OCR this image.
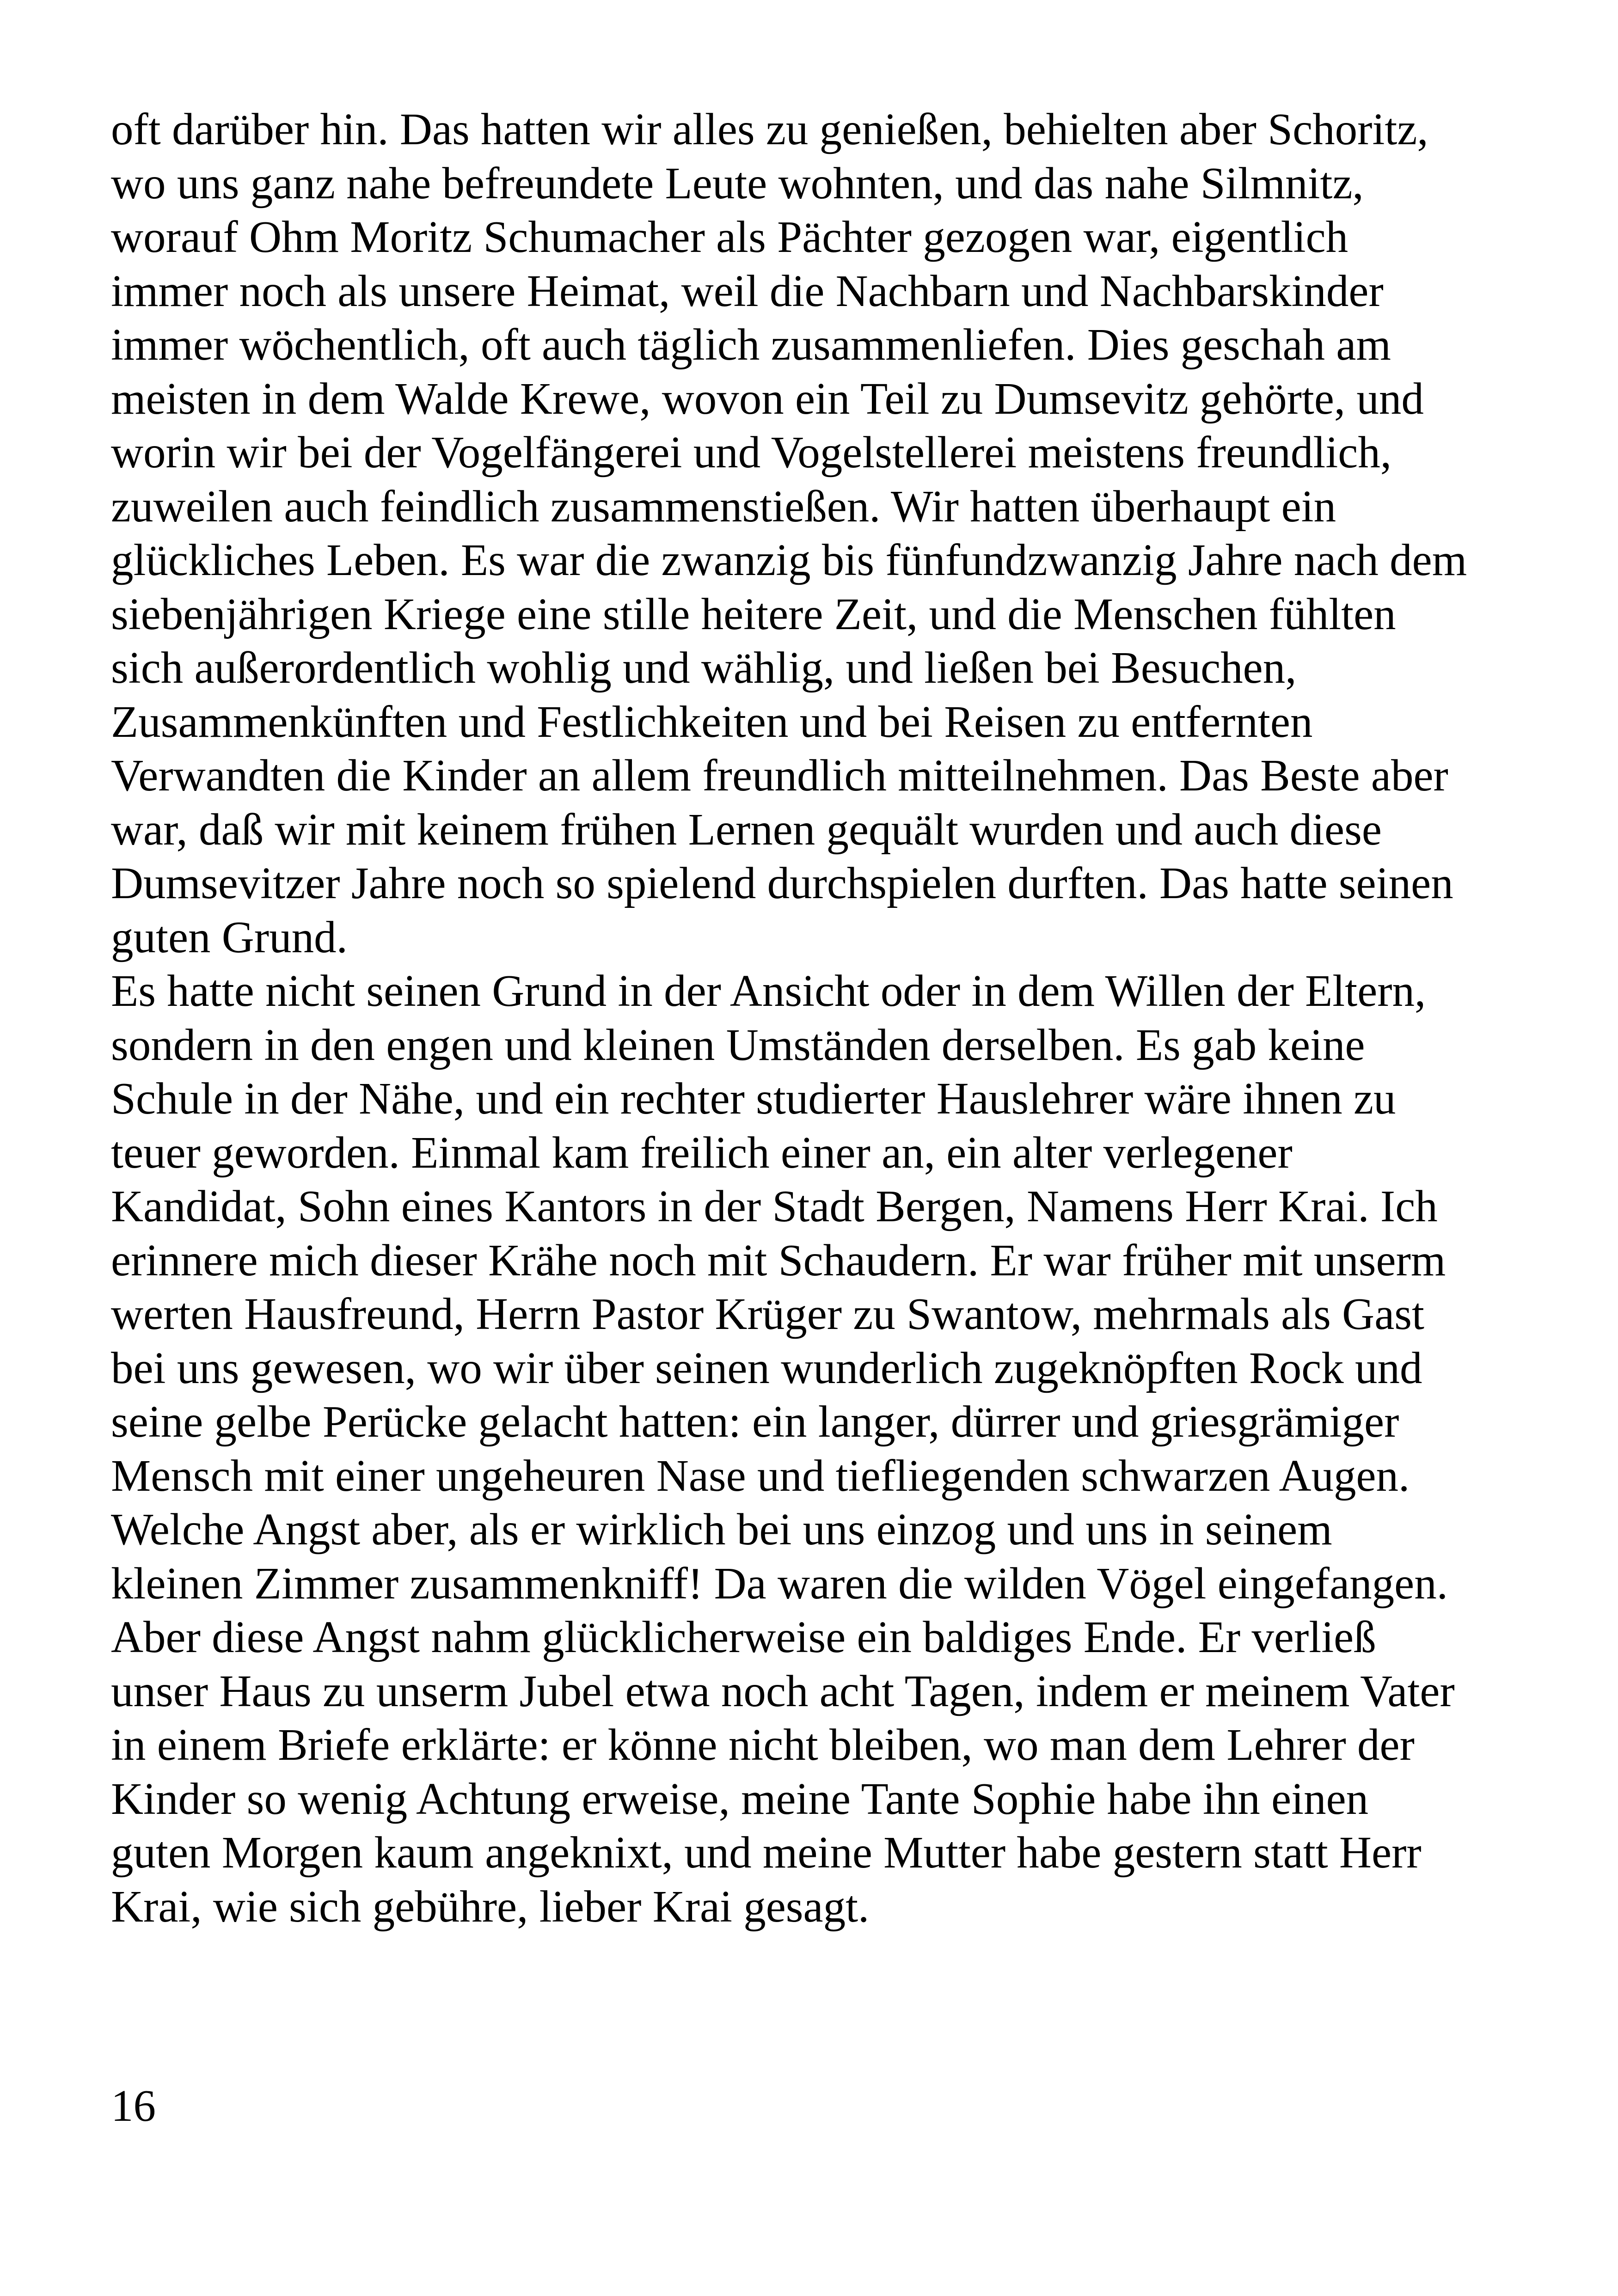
oft darüber hin. Das hatten wir alles zu genießen, behielten aber Schoritz,
wo uns ganz nahe befreundete Leute wohnten, und das nahe Silmnitz,
worauf Ohm Moritz Schumacher als Pächter gezogen war, eigentlich
immer noch als unsere Heimat, weil die Nachbarn und Nachbarskinder
immer wöchentlich, oft auch täglich zusammenliefen. Dies geschah am
meisten in dem Walde Krewe, wovon ein Teil zu Dumsevitz gehörte, und
worin wir bei der Vogelfängerei und Vogelstellerei meistens freundlich,
zuweilen auch feindlich zusammenstießen. Wir hatten überhaupt ein
glückliches Leben. Es war die zwanzig bis fünfundzwanzig Jahre nach dem
siebenjährigen Kriege eine stille heitere Zeit, und die Menschen fühlten
sich außerordentlich wohlig und wählig, und ließen bei Besuchen,
Zusammenkünften und Festlichkeiten und bei Reisen zu entfernten
Verwandten die Kinder an allem freundlich mitteilnehmen. Das Beste aber
war, daß wir mit keinem frühen Lernen gequält wurden und auch diese
Dumsevitzer Jahre noch so spielend durchspielen durften. Das hatte seinen
guten Grund.
Es hatte nicht seinen Grund in der Ansicht oder in dem Willen der Eltern,
sondern in den engen und kleinen Umständen derselben. Es gab keine
Schule in der Nähe, und ein rechter studierter Hauslehrer wäre ihnen zu
teuer geworden. Einmal kam freilich einer an, ein alter verlegener
Kandidat, Sohn eines Kantors in der Stadt Bergen, Namens Herr Krai. Ich
erinnere mich dieser Krähe noch mit Schaudern. Er war früher mit unserm
werten Hausfreund, Herrn Pastor Krüger zu Swantow, mehrmals als Gast
bei uns gewesen, wo wir über seinen wunderlich zugeknöpften Rock und
seine gelbe Perücke gelacht hatten: ein langer, dürrer und griesgrämiger
Mensch mit einer ungeheuren Nase und tiefliegenden schwarzen Augen.
Welche Angst aber, als er wirklich bei uns einzog und uns in seinem
kleinen Zimmer zusammenkniff! Da waren die wilden Vögel eingefangen.
Aber diese Angst nahm glücklicherweise ein baldiges Ende. Er verließ
unser Haus zu unserm Jubel etwa noch acht Tagen, indem er meinem Vater
in einem Briefe erklärte: er könne nicht bleiben, wo man dem Lehrer der
Kinder so wenig Achtung erweise, meine Tante Sophie habe ihn einen
guten Morgen kaum angeknixt, und meine Mutter habe gestern statt Herr
Krai, wie sich gebühre, lieber Krai gesagt.
16
